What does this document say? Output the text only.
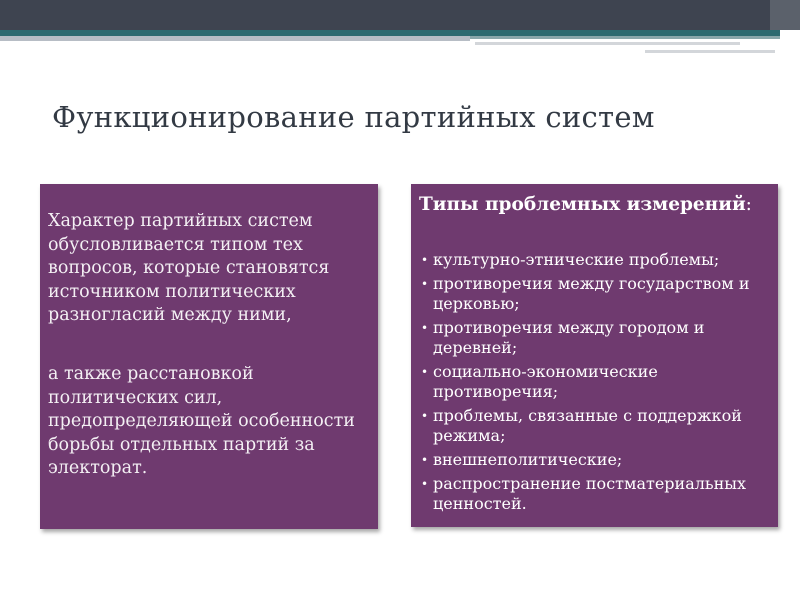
Функционирование партийных систем
Характер партийных систем обусловливается типом тех вопросов, которые становятся источником политических разногласий между ними,
а также расстановкой политических сил, предопределяющей особенности борьбы отдельных партий за электорат.
Типы проблемных измерений:
• культурно-этнические проблемы;
• противоречия между государством и церковью;
• противоречия между городом и деревней;
• социально-экономические противоречия;
• проблемы, связанные с поддержкой режима;
• внешнеполитические;
• распространение постматериальных ценностей.
